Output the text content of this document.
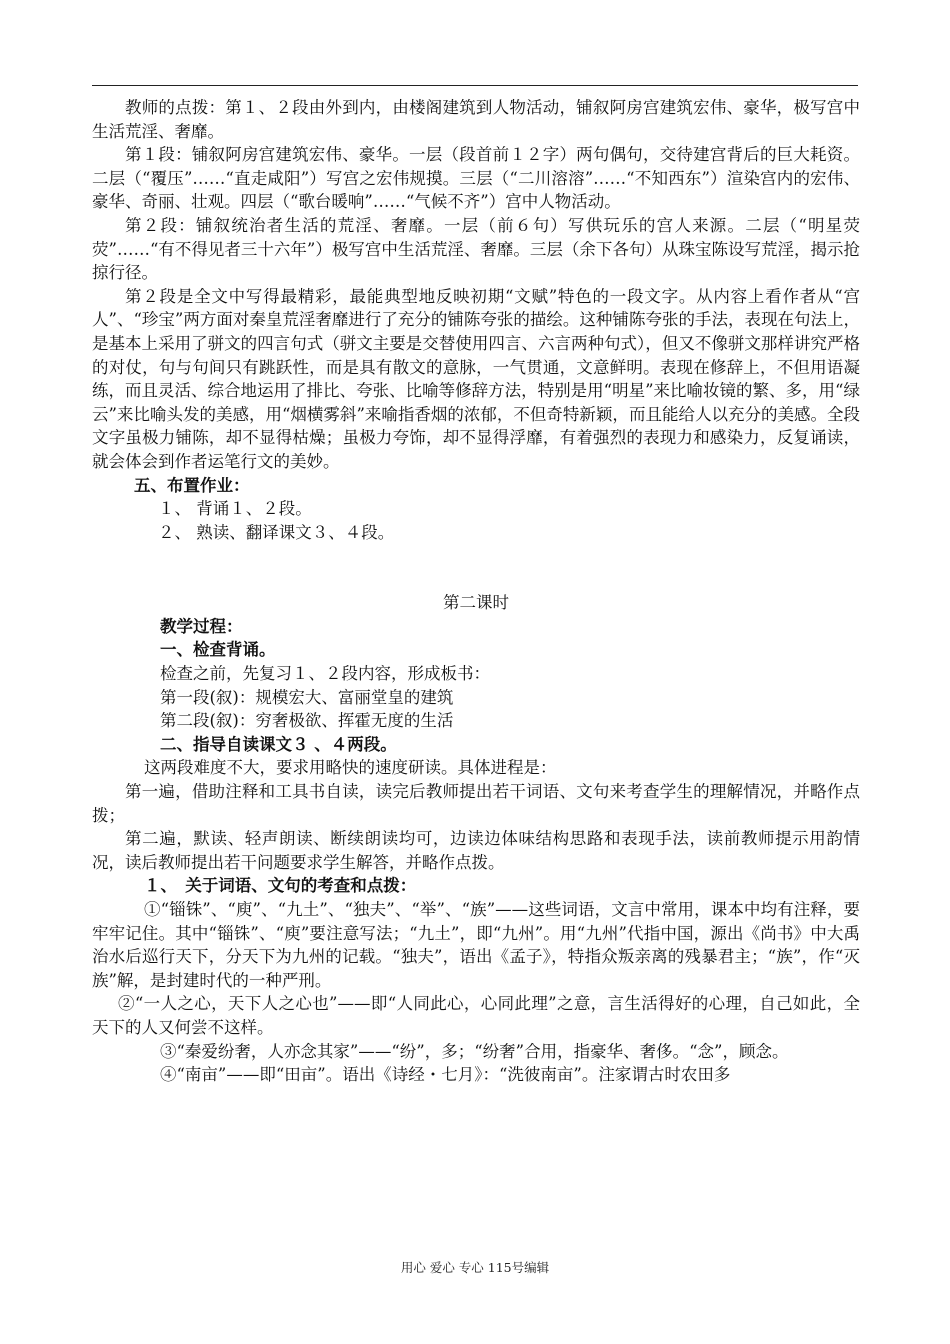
教师的点拨：第１、２段由外到内，由楼阁建筑到人物活动，铺叙阿房宫建筑宏伟、豪华，极写宫中生活荒淫、奢靡。

第１段：铺叙阿房宫建筑宏伟、豪华。一层（段首前１２字）两句偶句，交待建宫背后的巨大耗资。二层（“覆压”……“直走咸阳”）写宫之宏伟规摸。三层（“二川溶溶”……“不知西东”）渲染宫内的宏伟、豪华、奇丽、壮观。四层（“歌台暖响”……“气候不齐”）宫中人物活动。

第２段：铺叙统治者生活的荒淫、奢靡。一层（前６句）写供玩乐的宫人来源。二层（“明星荧荧”……“有不得见者三十六年”）极写宫中生活荒淫、奢靡。三层（余下各句）从珠宝陈设写荒淫，揭示抢掠行径。

第２段是全文中写得最精彩，最能典型地反映初期“文赋”特色的一段文字。从内容上看作者从“宫人”、“珍宝”两方面对秦皇荒淫奢靡进行了充分的铺陈夸张的描绘。这种铺陈夸张的手法，表现在句法上，是基本上采用了骈文的四言句式（骈文主要是交替使用四言、六言两种句式），但又不像骈文那样讲究严格的对仗，句与句间只有跳跃性，而是具有散文的意脉，一气贯通，文意鲜明。表现在修辞上，不但用语凝练，而且灵活、综合地运用了排比、夸张、比喻等修辞方法，特别是用“明星”来比喻妆镜的繁、多，用“绿云”来比喻头发的美感，用“烟横雾斜”来喻指香烟的浓郁，不但奇特新颖，而且能给人以充分的美感。全段文字虽极力铺陈，却不显得枯燥；虽极力夸饰，却不显得浮靡，有着强烈的表现力和感染力，反复诵读，就会体会到作者运笔行文的美妙。

五、布置作业：

１、 背诵１、２段。

２、 熟读、翻译课文３、４段。

第二课时

教学过程：

一、检查背诵。

检查之前，先复习１、２段内容，形成板书：

第一段(叙)：规模宏大、富丽堂皇的建筑

第二段(叙)：穷奢极欲、挥霍无度的生活

二、指导自读课文３ 、４两段。

这两段难度不大，要求用略快的速度研读。具体进程是：

第一遍，借助注释和工具书自读，读完后教师提出若干词语、文句来考查学生的理解情况，并略作点拨；

第二遍，默读、轻声朗读、断续朗读均可，边读边体味结构思路和表现手法，读前教师提示用韵情况，读后教师提出若干问题要求学生解答，并略作点拨。

１、　关于词语、文句的考查和点拨：

①“锱铢”、“庾”、“九土”、“独夫”、“举”、“族”——这些词语，文言中常用，课本中均有注释，要牢牢记住。其中“锱铢”、“庾”要注意写法；“九土”，即“九州”。用“九州”代指中国，源出《尚书》中大禹治水后巡行天下，分天下为九州的记载。“独夫”，语出《孟子》，特指众叛亲离的残暴君主；“族”，作“灭族”解，是封建时代的一种严刑。

②“一人之心，天下人之心也”——即“人同此心，心同此理”之意，言生活得好的心理，自己如此，全天下的人又何尝不这样。

③“秦爱纷奢，人亦念其家”——“纷”，多；“纷奢”合用，指豪华、奢侈。“念”，顾念。

④“南亩”——即“田亩”。语出《诗经・七月》：“洗彼南亩”。注家谓古时农田多

用心 爱心 专心 115号编辑
